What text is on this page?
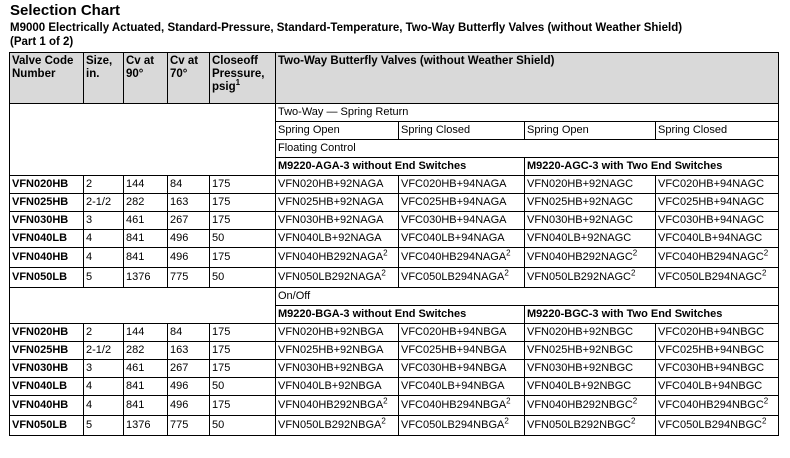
Selection Chart
M9000 Electrically Actuated, Standard-Pressure, Standard-Temperature, Two-Way Butterfly Valves (without Weather Shield)
(Part 1 of 2)
Valve Code Number	Size, in.	Cv at 90°	Cv at 70°	Closeoff Pressure, psig$^1$	Two-Way Butterfly Valves (without Weather Shield)			
					Two-Way — Spring Return			
					Spring Open	Spring Closed	Spring Open	Spring Closed
					Floating Control			
					M9220-AGA-3 without End Switches		M9220-AGC-3 with Two End Switches	
VFN020HB	2	144	84	175	VFN020HB+92NAGA	VFC020HB+94NAGA	VFN020HB+92NAGC	VFC020HB+94NAGC
VFN025HB	2-1/2	282	163	175	VFN025HB+92NAGA	VFC025HB+94NAGA	VFN025HB+92NAGC	VFC025HB+94NAGC
VFN030HB	3	461	267	175	VFN030HB+92NAGA	VFC030HB+94NAGA	VFN030HB+92NAGC	VFC030HB+94NAGC
VFN040LB	4	841	496	50	VFN040LB+92NAGA	VFC040LB+94NAGA	VFN040LB+92NAGC	VFC040LB+94NAGC
VFN040HB	4	841	496	175	VFN040HB292NAGA$^2$	VFC040HB294NAGA$^2$	VFN040HB292NAGC$^2$	VFC040HB294NAGC$^2$
VFN050LB	5	1376	775	50	VFN050LB292NAGA$^2$	VFC050LB294NAGA$^2$	VFN050LB292NAGC$^2$	VFC050LB294NAGC$^2$
					On/Off			
					M9220-BGA-3 without End Switches		M9220-BGC-3 with Two End Switches	
VFN020HB	2	144	84	175	VFN020HB+92NBGA	VFC020HB+94NBGA	VFN020HB+92NBGC	VFC020HB+94NBGC
VFN025HB	2-1/2	282	163	175	VFN025HB+92NBGA	VFC025HB+94NBGA	VFN025HB+92NBGC	VFC025HB+94NBGC
VFN030HB	3	461	267	175	VFN030HB+92NBGA	VFC030HB+94NBGA	VFN030HB+92NBGC	VFC030HB+94NBGC
VFN040LB	4	841	496	50	VFN040LB+92NBGA	VFC040LB+94NBGA	VFN040LB+92NBGC	VFC040LB+94NBGC
VFN040HB	4	841	496	175	VFN040HB292NBGA$^2$	VFC040HB294NBGA$^2$	VFN040HB292NBGC$^2$	VFC040HB294NBGC$^2$
VFN050LB	5	1376	775	50	VFN050LB292NBGA$^2$	VFC050LB294NBGA$^2$	VFN050LB292NBGC$^2$	VFC050LB294NBGC$^2$
